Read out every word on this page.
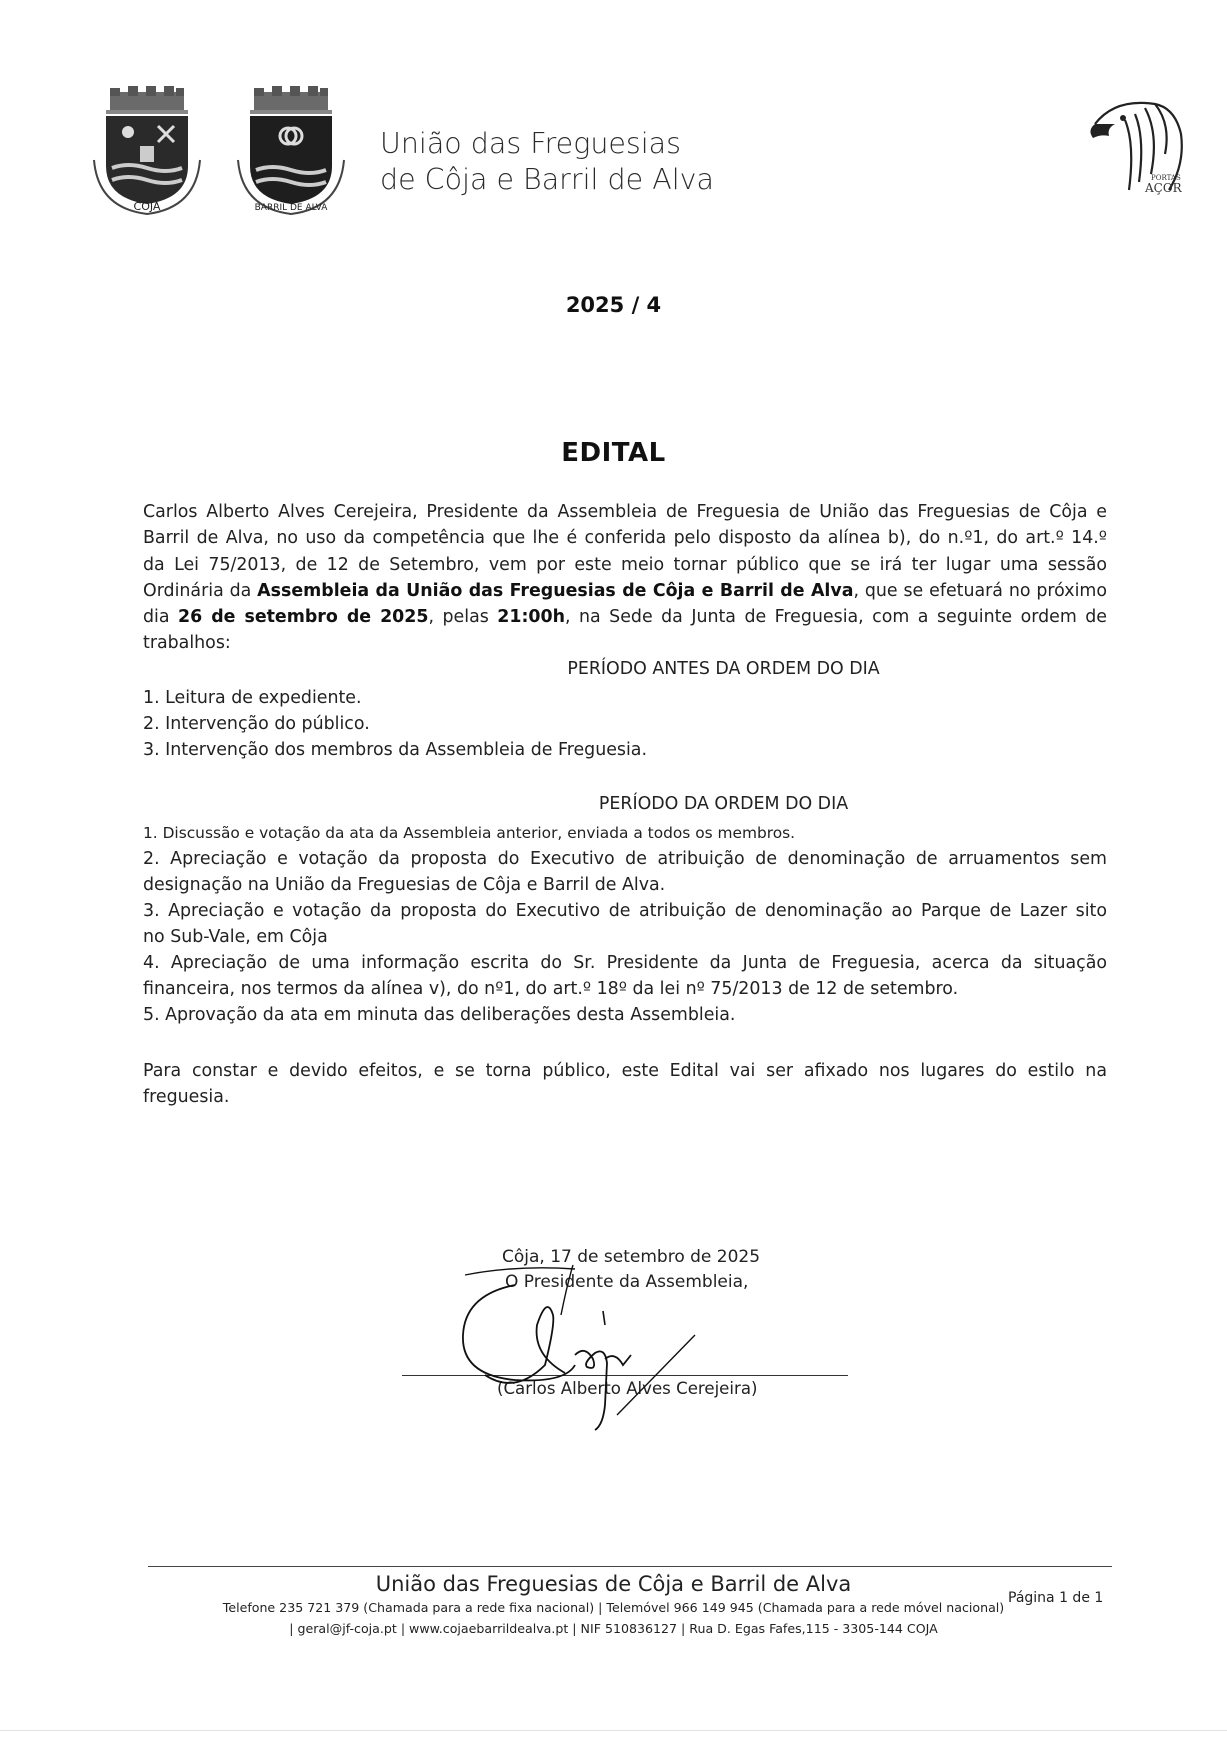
COJA	BARRIL DE ALVA
União das Freguesias
de Côja e Barril de Alva	PORTAS
AÇOR
2025 / 4
EDITAL
Carlos Alberto Alves Cerejeira, Presidente da Assembleia de Freguesia de União das Freguesias de Côja e
Barril de Alva, no uso da competência que lhe é conferida pelo disposto da alínea b), do n.º1, do art.º 14.º
da Lei 75/2013, de 12 de Setembro, vem por este meio tornar público que se irá ter lugar uma sessão
Ordinária da Assembleia da União das Freguesias de Côja e Barril de Alva, que se efetuará no próximo
dia 26 de setembro de 2025, pelas 21:00h, na Sede da Junta de Freguesia, com a seguinte ordem de
trabalhos:
PERÍODO ANTES DA ORDEM DO DIA
1. Leitura de expediente.
2. Intervenção do público.
3. Intervenção dos membros da Assembleia de Freguesia.
PERÍODO DA ORDEM DO DIA
1. Discussão e votação da ata da Assembleia anterior, enviada a todos os membros.
2. Apreciação e votação da proposta do Executivo de atribuição de denominação de arruamentos sem
designação na União da Freguesias de Côja e Barril de Alva.
3. Apreciação e votação da proposta do Executivo de atribuição de denominação ao Parque de Lazer sito
no Sub-Vale, em Côja
4. Apreciação de uma informação escrita do Sr. Presidente da Junta de Freguesia, acerca da situação
financeira, nos termos da alínea v), do nº1, do art.º 18º da lei nº 75/2013 de 12 de setembro.
5. Aprovação da ata em minuta das deliberações desta Assembleia.
Para constar e devido efeitos, e se torna público, este Edital vai ser afixado nos lugares do estilo na
freguesia.
Côja, 17 de setembro de 2025
O Presidente da Assembleia,
(Carlos Alberto Alves Cerejeira)
União das Freguesias de Côja e Barril de Alva
Telefone 235 721 379 (Chamada para a rede fixa nacional) | Telemóvel 966 149 945 (Chamada para a rede móvel nacional)
| geral@jf-coja.pt | www.cojaebarrildealva.pt | NIF 510836127 | Rua D. Egas Fafes,115 - 3305-144 COJA
Página 1 de 1
